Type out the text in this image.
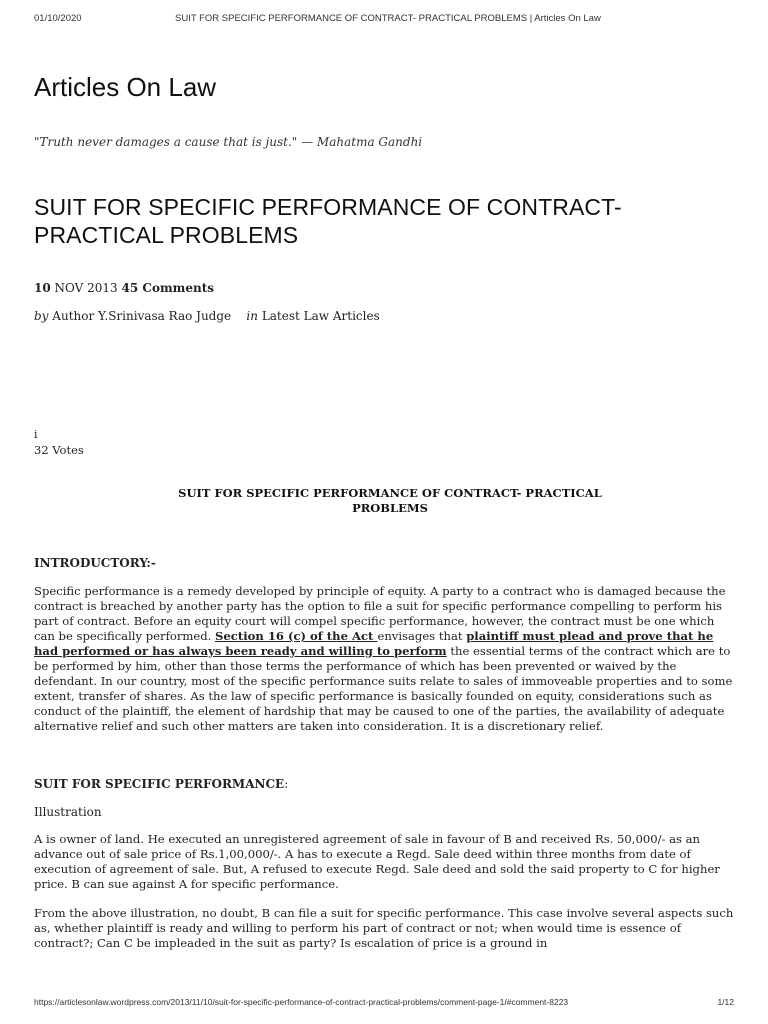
01/10/2020	SUIT FOR SPECIFIC PERFORMANCE OF CONTRACT- PRACTICAL PROBLEMS | Articles On Law
Articles On Law

"Truth never damages a cause that is just." — Mahatma Gandhi

SUIT FOR SPECIFIC PERFORMANCE OF CONTRACT- PRACTICAL PROBLEMS
10 NOV 2013 45 Comments
by Author Y.Srinivasa Rao Judge in Latest Law Articles
i
32 Votes
SUIT FOR SPECIFIC PERFORMANCE OF CONTRACT- PRACTICAL
PROBLEMS

INTRODUCTORY:-

Specific performance is a remedy developed by principle of equity. A party to a contract who is damaged because the contract is breached by another party has the option to file a suit for specific performance compelling to perform his part of contract. Before an equity court will compel specific performance, however, the contract must be one which can be specifically performed. Section 16 (c) of the Act envisages that plaintiff must plead and prove that he had performed or has always been ready and willing to perform the essential terms of the contract which are to be performed by him, other than those terms the performance of which has been prevented or waived by the defendant. In our country, most of the specific performance suits relate to sales of immoveable properties and to some extent, transfer of shares. As the law of specific performance is basically founded on equity, considerations such as conduct of the plaintiff, the element of hardship that may be caused to one of the parties, the availability of adequate alternative relief and such other matters are taken into consideration. It is a discretionary relief.

SUIT FOR SPECIFIC PERFORMANCE:

Illustration

A is owner of land. He executed an unregistered agreement of sale in favour of B and received Rs. 50,000/- as an advance out of sale price of Rs.1,00,000/-. A has to execute a Regd. Sale deed within three months from date of execution of agreement of sale. But, A refused to execute Regd. Sale deed and sold the said property to C for higher price. B can sue against A for specific performance.

From the above illustration, no doubt, B can file a suit for specific performance. This case involve several aspects such as, whether plaintiff is ready and willing to perform his part of contract or not; when would time is essence of contract?; Can C be impleaded in the suit as party? Is escalation of price is a ground in

https://articlesonlaw.wordpress.com/2013/11/10/suit-for-specific-performance-of-contract-practical-problems/comment-page-1/#comment-8223	1/12
